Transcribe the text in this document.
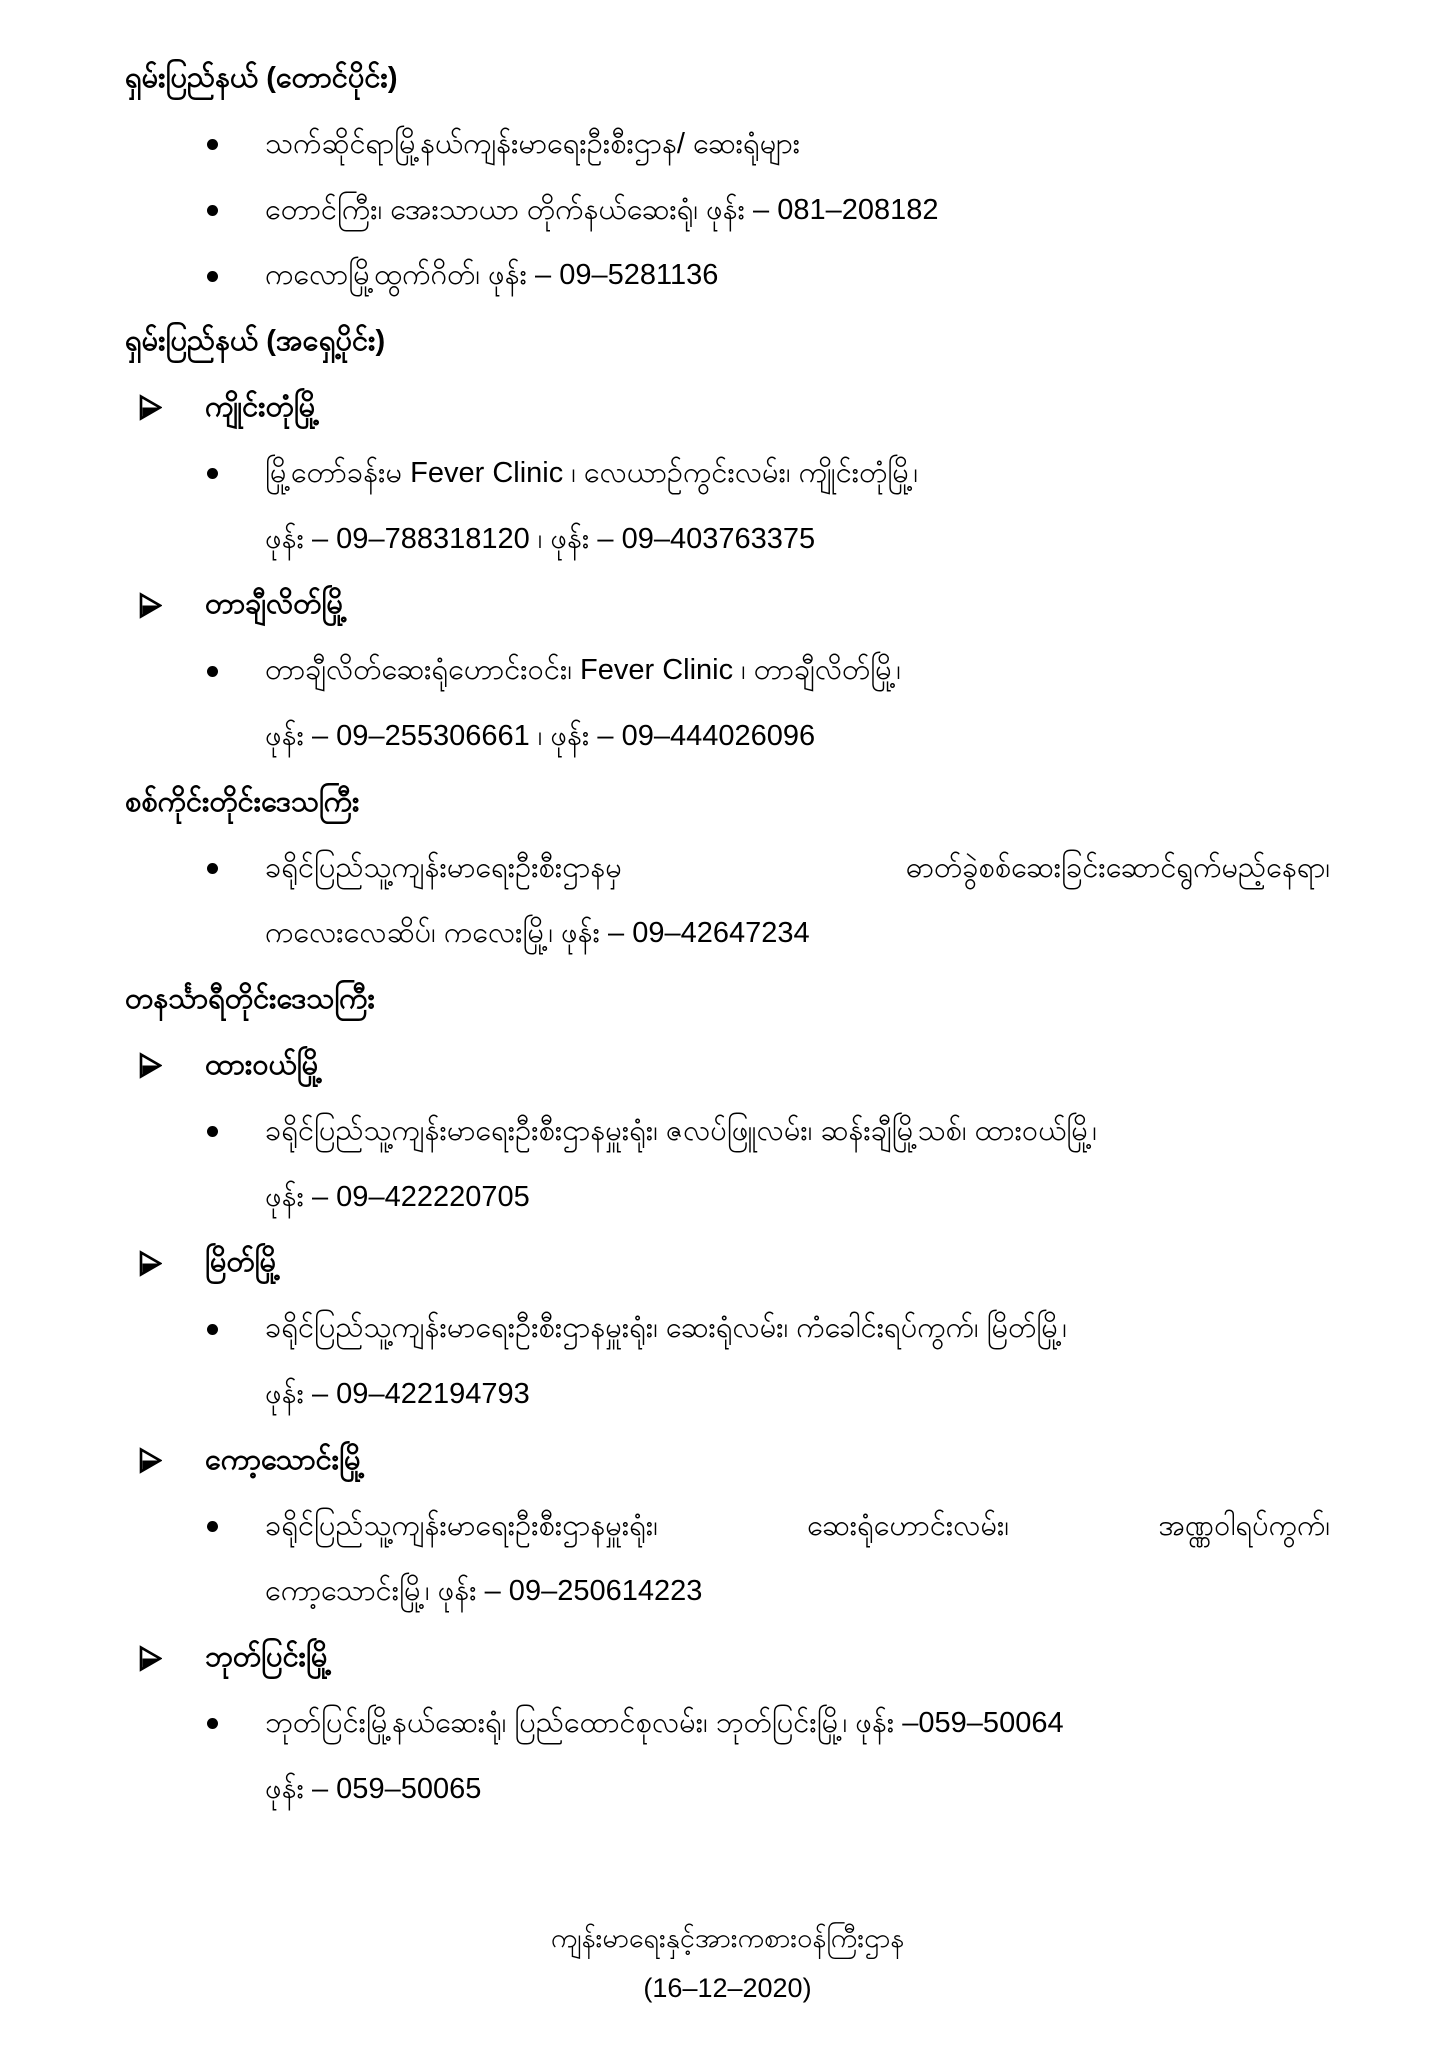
ရှမ်းပြည်နယ် (တောင်ပိုင်း)
သက်ဆိုင်ရာမြို့နယ်ကျန်းမာရေးဦးစီးဌာန/ ဆေးရုံများ
တောင်ကြီး၊ အေးသာယာ တိုက်နယ်ဆေးရုံ၊ ဖုန်း – 081–208182
ကလောမြို့ထွက်ဂိတ်၊ ဖုန်း – 09–5281136
ရှမ်းပြည်နယ် (အရှေ့ပိုင်း)
ကျိုင်းတုံမြို့
မြို့တော်ခန်းမ Fever Clinic ၊ လေယာဉ်ကွင်းလမ်း၊ ကျိုင်းတုံမြို့၊
ဖုန်း – 09–788318120 ၊ ဖုန်း – 09–403763375
တာချီလိတ်မြို့
တာချီလိတ်ဆေးရုံဟောင်းဝင်း၊ Fever Clinic ၊ တာချီလိတ်မြို့၊
ဖုန်း – 09–255306661 ၊ ဖုန်း – 09–444026096
စစ်ကိုင်းတိုင်းဒေသကြီး
ခရိုင်ပြည်သူ့ကျန်းမာရေးဦးစီးဌာနမှ ဓာတ်ခွဲစစ်ဆေးခြင်းဆောင်ရွက်မည့်နေရာ၊
ကလေးလေဆိပ်၊ ကလေးမြို့၊ ဖုန်း – 09–42647234
တနင်္သာရီတိုင်းဒေသကြီး
ထားဝယ်မြို့
ခရိုင်ပြည်သူ့ကျန်းမာရေးဦးစီးဌာနမှူးရုံး၊ ဇလပ်ဖြူလမ်း၊ ဆန်းချီမြို့သစ်၊ ထားဝယ်မြို့၊
ဖုန်း – 09–422220705
မြိတ်မြို့
ခရိုင်ပြည်သူ့ကျန်းမာရေးဦးစီးဌာနမှူးရုံး၊ ဆေးရုံလမ်း၊ ကံခေါင်းရပ်ကွက်၊ မြိတ်မြို့၊
ဖုန်း – 09–422194793
ကော့သောင်းမြို့
ခရိုင်ပြည်သူ့ကျန်းမာရေးဦးစီးဌာနမှူးရုံး၊ ဆေးရုံဟောင်းလမ်း၊ အဏ္ဏဝါရပ်ကွက်၊
ကော့သောင်းမြို့၊ ဖုန်း – 09–250614223
ဘုတ်ပြင်းမြို့
ဘုတ်ပြင်းမြို့နယ်ဆေးရုံ၊ ပြည်ထောင်စုလမ်း၊ ဘုတ်ပြင်းမြို့၊ ဖုန်း –059–50064
ဖုန်း – 059–50065
ကျန်းမာရေးနှင့်အားကစားဝန်ကြီးဌာန
(16–12–2020)
